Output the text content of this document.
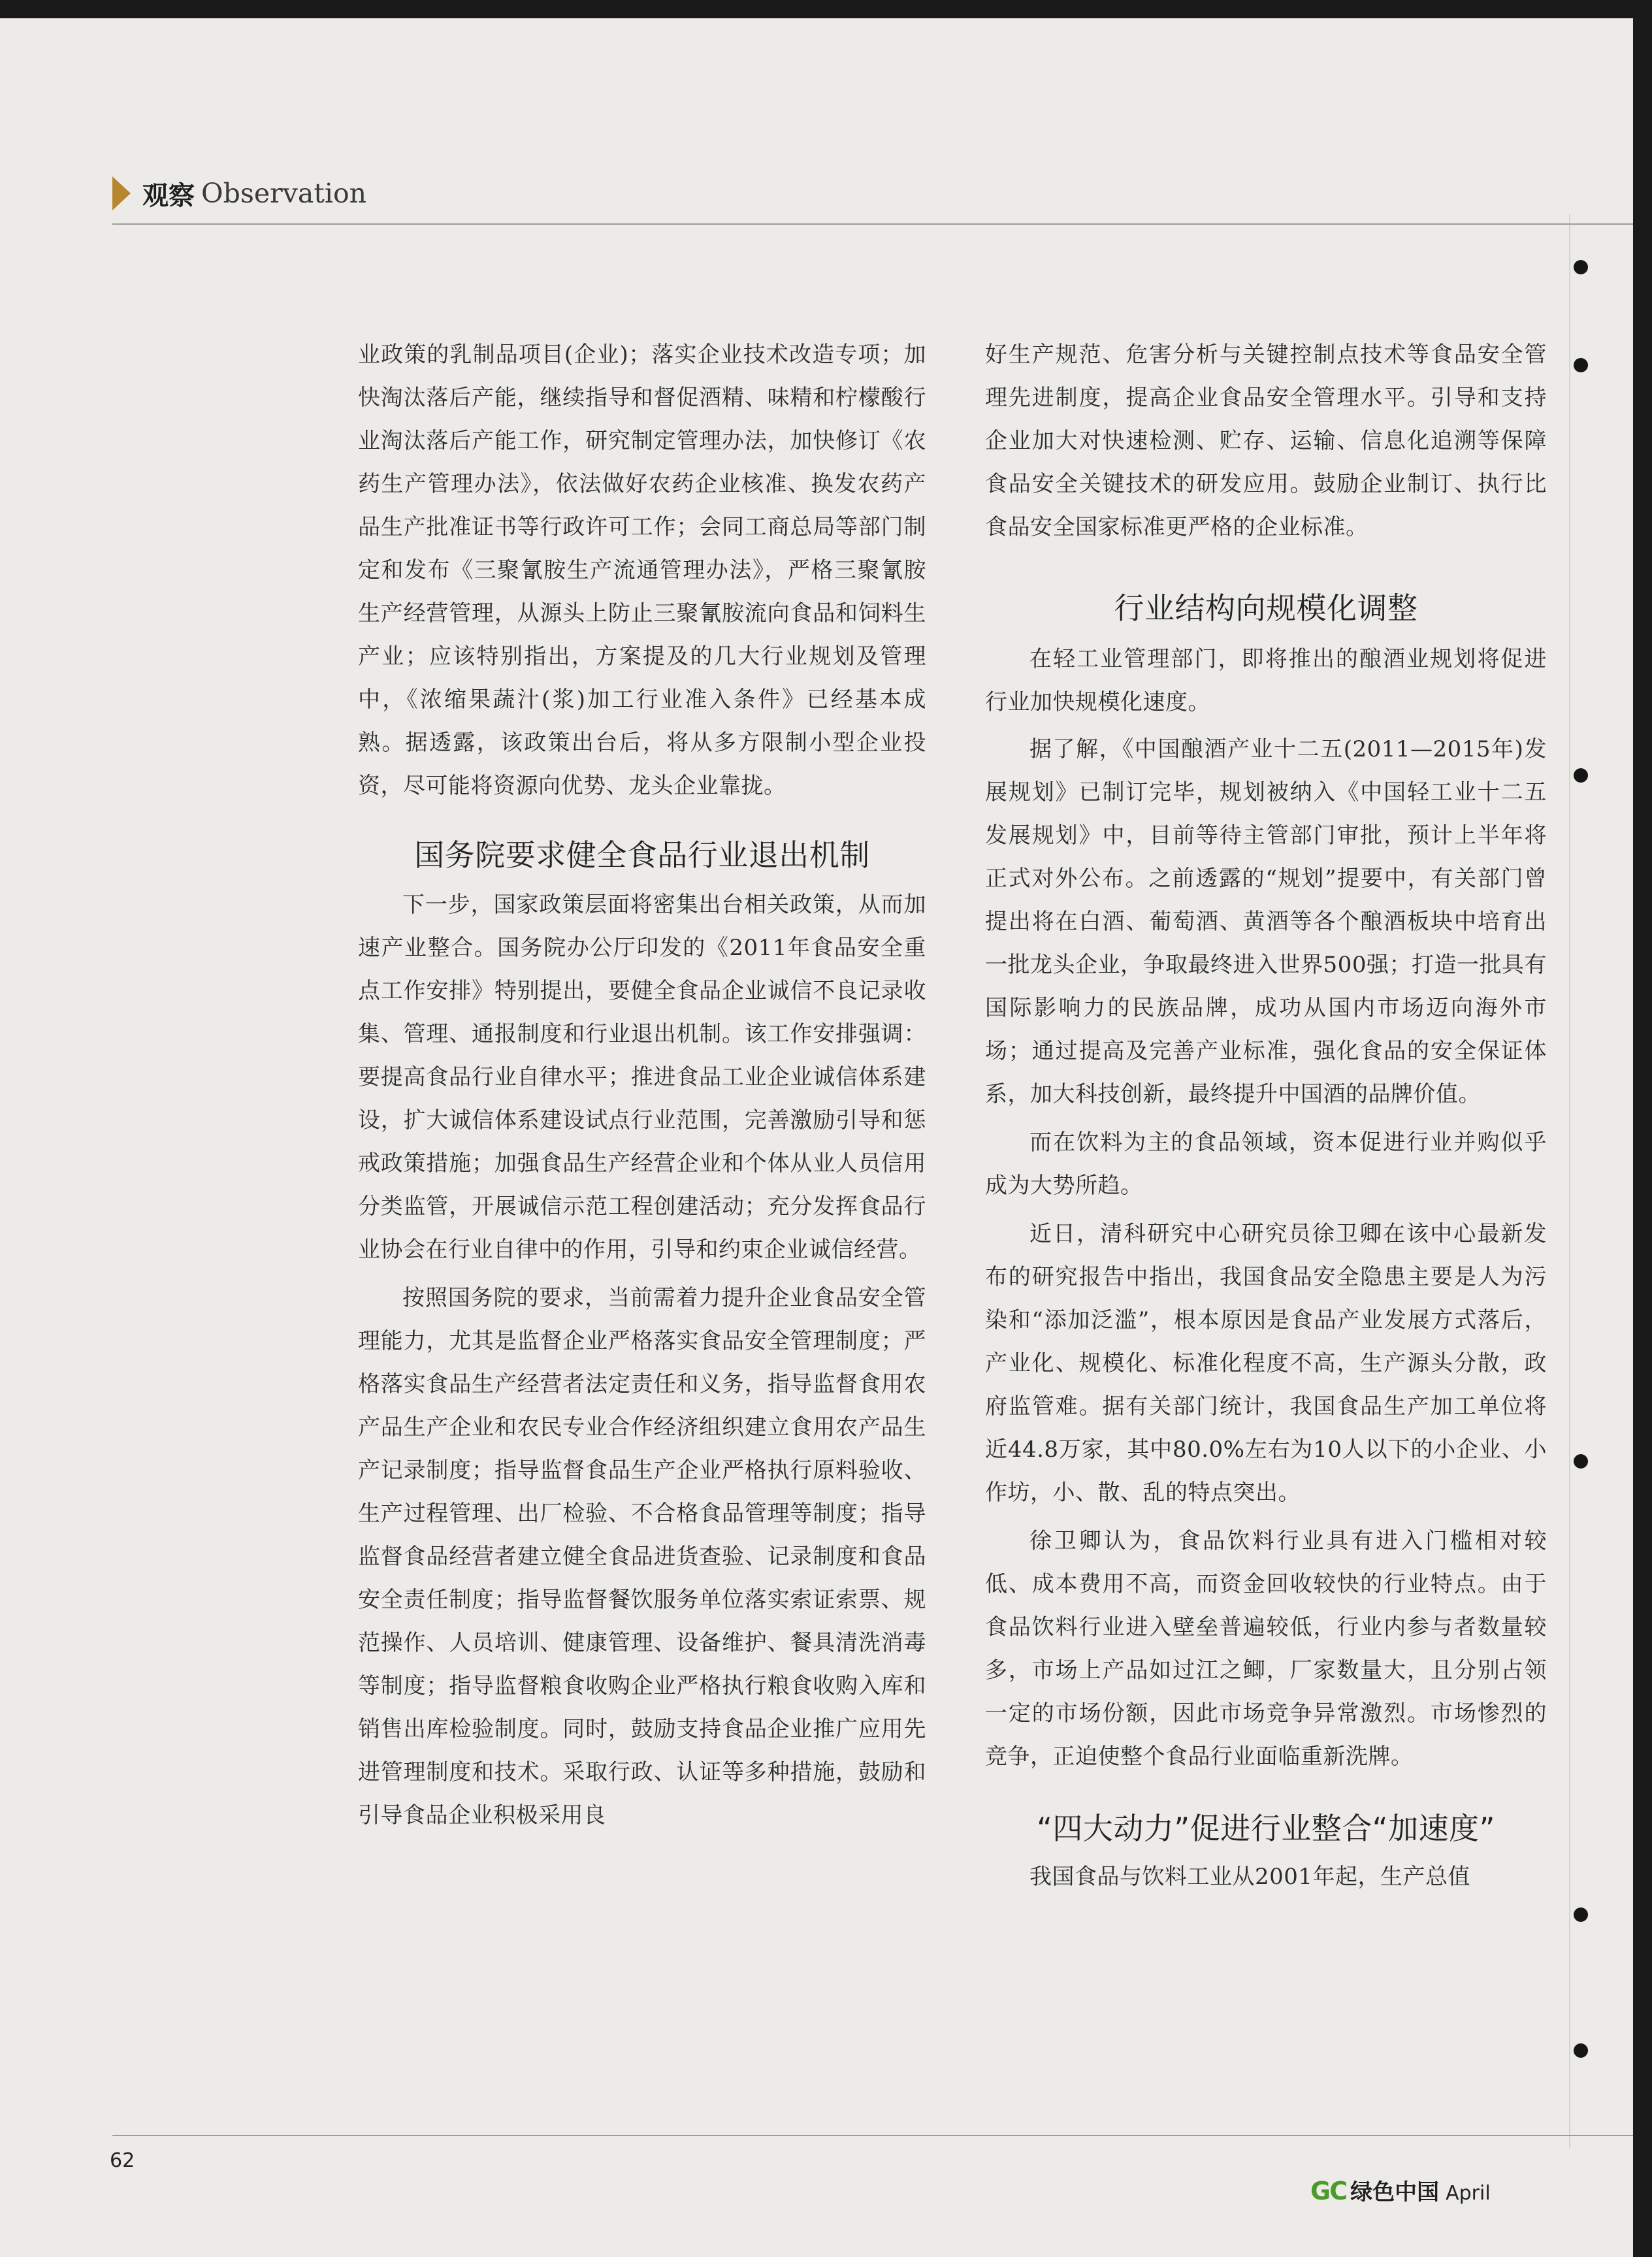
观察 Observation

业政策的乳制品项目(企业)；落实企业技术改造专项；加快淘汰落后产能，继续指导和督促酒精、味精和柠檬酸行业淘汰落后产能工作，研究制定管理办法，加快修订《农药生产管理办法》，依法做好农药企业核准、换发农药产品生产批准证书等行政许可工作；会同工商总局等部门制定和发布《三聚氰胺生产流通管理办法》，严格三聚氰胺生产经营管理，从源头上防止三聚氰胺流向食品和饲料生产业；应该特别指出，方案提及的几大行业规划及管理中，《浓缩果蔬汁(浆)加工行业准入条件》已经基本成熟。据透露，该政策出台后，将从多方限制小型企业投资，尽可能将资源向优势、龙头企业靠拢。

国务院要求健全食品行业退出机制

下一步，国家政策层面将密集出台相关政策，从而加速产业整合。国务院办公厅印发的《2011年食品安全重点工作安排》特别提出，要健全食品企业诚信不良记录收集、管理、通报制度和行业退出机制。该工作安排强调：要提高食品行业自律水平；推进食品工业企业诚信体系建设，扩大诚信体系建设试点行业范围，完善激励引导和惩戒政策措施；加强食品生产经营企业和个体从业人员信用分类监管，开展诚信示范工程创建活动；充分发挥食品行业协会在行业自律中的作用，引导和约束企业诚信经营。

按照国务院的要求，当前需着力提升企业食品安全管理能力，尤其是监督企业严格落实食品安全管理制度；严格落实食品生产经营者法定责任和义务，指导监督食用农产品生产企业和农民专业合作经济组织建立食用农产品生产记录制度；指导监督食品生产企业严格执行原料验收、生产过程管理、出厂检验、不合格食品管理等制度；指导监督食品经营者建立健全食品进货查验、记录制度和食品安全责任制度；指导监督餐饮服务单位落实索证索票、规范操作、人员培训、健康管理、设备维护、餐具清洗消毒等制度；指导监督粮食收购企业严格执行粮食收购入库和销售出库检验制度。同时，鼓励支持食品企业推广应用先进管理制度和技术。采取行政、认证等多种措施，鼓励和引导食品企业积极采用良

好生产规范、危害分析与关键控制点技术等食品安全管理先进制度，提高企业食品安全管理水平。引导和支持企业加大对快速检测、贮存、运输、信息化追溯等保障食品安全关键技术的研发应用。鼓励企业制订、执行比食品安全国家标准更严格的企业标准。

行业结构向规模化调整

在轻工业管理部门，即将推出的酿酒业规划将促进行业加快规模化速度。

据了解，《中国酿酒产业十二五(2011—2015年)发展规划》已制订完毕，规划被纳入《中国轻工业十二五发展规划》中，目前等待主管部门审批，预计上半年将正式对外公布。之前透露的“规划”提要中，有关部门曾提出将在白酒、葡萄酒、黄酒等各个酿酒板块中培育出一批龙头企业，争取最终进入世界500强；打造一批具有国际影响力的民族品牌，成功从国内市场迈向海外市场；通过提高及完善产业标准，强化食品的安全保证体系，加大科技创新，最终提升中国酒的品牌价值。

而在饮料为主的食品领域，资本促进行业并购似乎成为大势所趋。

近日，清科研究中心研究员徐卫卿在该中心最新发布的研究报告中指出，我国食品安全隐患主要是人为污染和“添加泛滥”，根本原因是食品产业发展方式落后，产业化、规模化、标准化程度不高，生产源头分散，政府监管难。据有关部门统计，我国食品生产加工单位将近44.8万家，其中80.0%左右为10人以下的小企业、小作坊，小、散、乱的特点突出。

徐卫卿认为，食品饮料行业具有进入门槛相对较低、成本费用不高，而资金回收较快的行业特点。由于食品饮料行业进入壁垒普遍较低，行业内参与者数量较多，市场上产品如过江之鲫，厂家数量大，且分别占领一定的市场份额，因此市场竞争异常激烈。市场惨烈的竞争，正迫使整个食品行业面临重新洗牌。

“四大动力”促进行业整合“加速度”

我国食品与饮料工业从2001年起，生产总值

62
GC 绿色中国 April
